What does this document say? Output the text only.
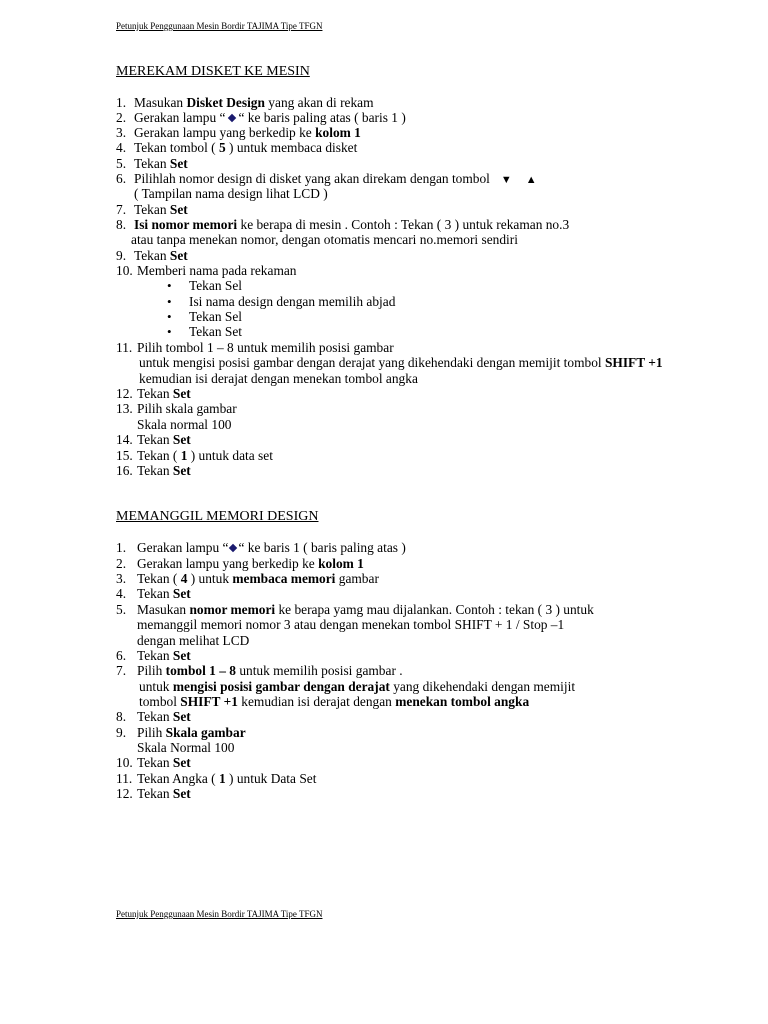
Petunjuk Penggunaan Mesin Bordir TAJIMA Tipe TFGN
MEREKAM DISKET KE MESIN
1. Masukan Disket Design yang akan di rekam
2. Gerakan lampu “ “ ke baris paling atas ( baris 1 )
3. Gerakan lampu yang berkedip ke kolom 1
4. Tekan tombol ( 5 ) untuk membaca disket
5. Tekan Set
6. Pilihlah nomor design di disket yang akan direkam dengan tombol ▼ ▲
( Tampilan nama design lihat LCD )
7. Tekan Set
8. Isi nomor memori ke berapa di mesin . Contoh : Tekan ( 3 ) untuk rekaman no.3
atau tanpa menekan nomor, dengan otomatis mencari no.memori sendiri
9. Tekan Set
10. Memberi nama pada rekaman
• Tekan Sel
• Isi nama design dengan memilih abjad
• Tekan Sel
• Tekan Set
11. Pilih tombol 1 – 8 untuk memilih posisi gambar
untuk mengisi posisi gambar dengan derajat yang dikehendaki dengan memijit tombol SHIFT +1
kemudian isi derajat dengan menekan tombol angka
12. Tekan Set
13. Pilih skala gambar
Skala normal 100
14. Tekan Set
15. Tekan ( 1 ) untuk data set
16. Tekan Set
MEMANGGIL MEMORI DESIGN
1. Gerakan lampu “ “ ke baris 1 ( baris paling atas )
2. Gerakan lampu yang berkedip ke kolom 1
3. Tekan ( 4 ) untuk membaca memori gambar
4. Tekan Set
5. Masukan nomor memori ke berapa yamg mau dijalankan. Contoh : tekan ( 3 ) untuk
memanggil memori nomor 3 atau dengan menekan tombol SHIFT + 1 / Stop –1
dengan melihat LCD
6. Tekan Set
7. Pilih tombol 1 – 8 untuk memilih posisi gambar .
untuk mengisi posisi gambar dengan derajat yang dikehendaki dengan memijit
tombol SHIFT +1 kemudian isi derajat dengan menekan tombol angka
8. Tekan Set
9. Pilih Skala gambar
Skala Normal 100
10. Tekan Set
11. Tekan Angka ( 1 ) untuk Data Set
12. Tekan Set
Petunjuk Penggunaan Mesin Bordir TAJIMA Tipe TFGN
